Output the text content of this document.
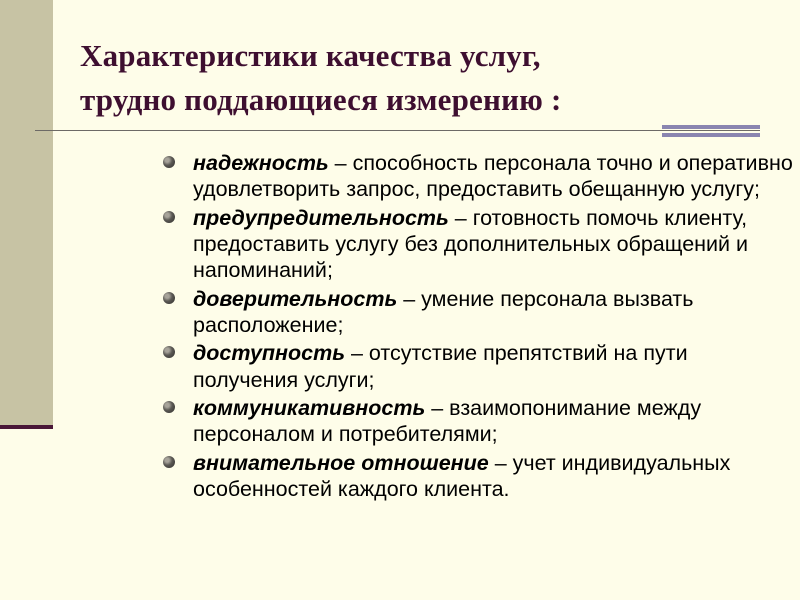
Характеристики качества услуг,
трудно поддающиеся измерению :
надежность – способность персонала точно и оперативно удовлетворить запрос, предоставить обещанную услугу;
предупредительность – готовность помочь клиенту, предоставить услугу без дополнительных обращений и напоминаний;
доверительность – умение персонала вызвать расположение;
доступность – отсутствие препятствий на пути получения услуги;
коммуникативность – взаимопонимание между персоналом и потребителями;
внимательное отношение – учет индивидуальных особенностей каждого клиента.
